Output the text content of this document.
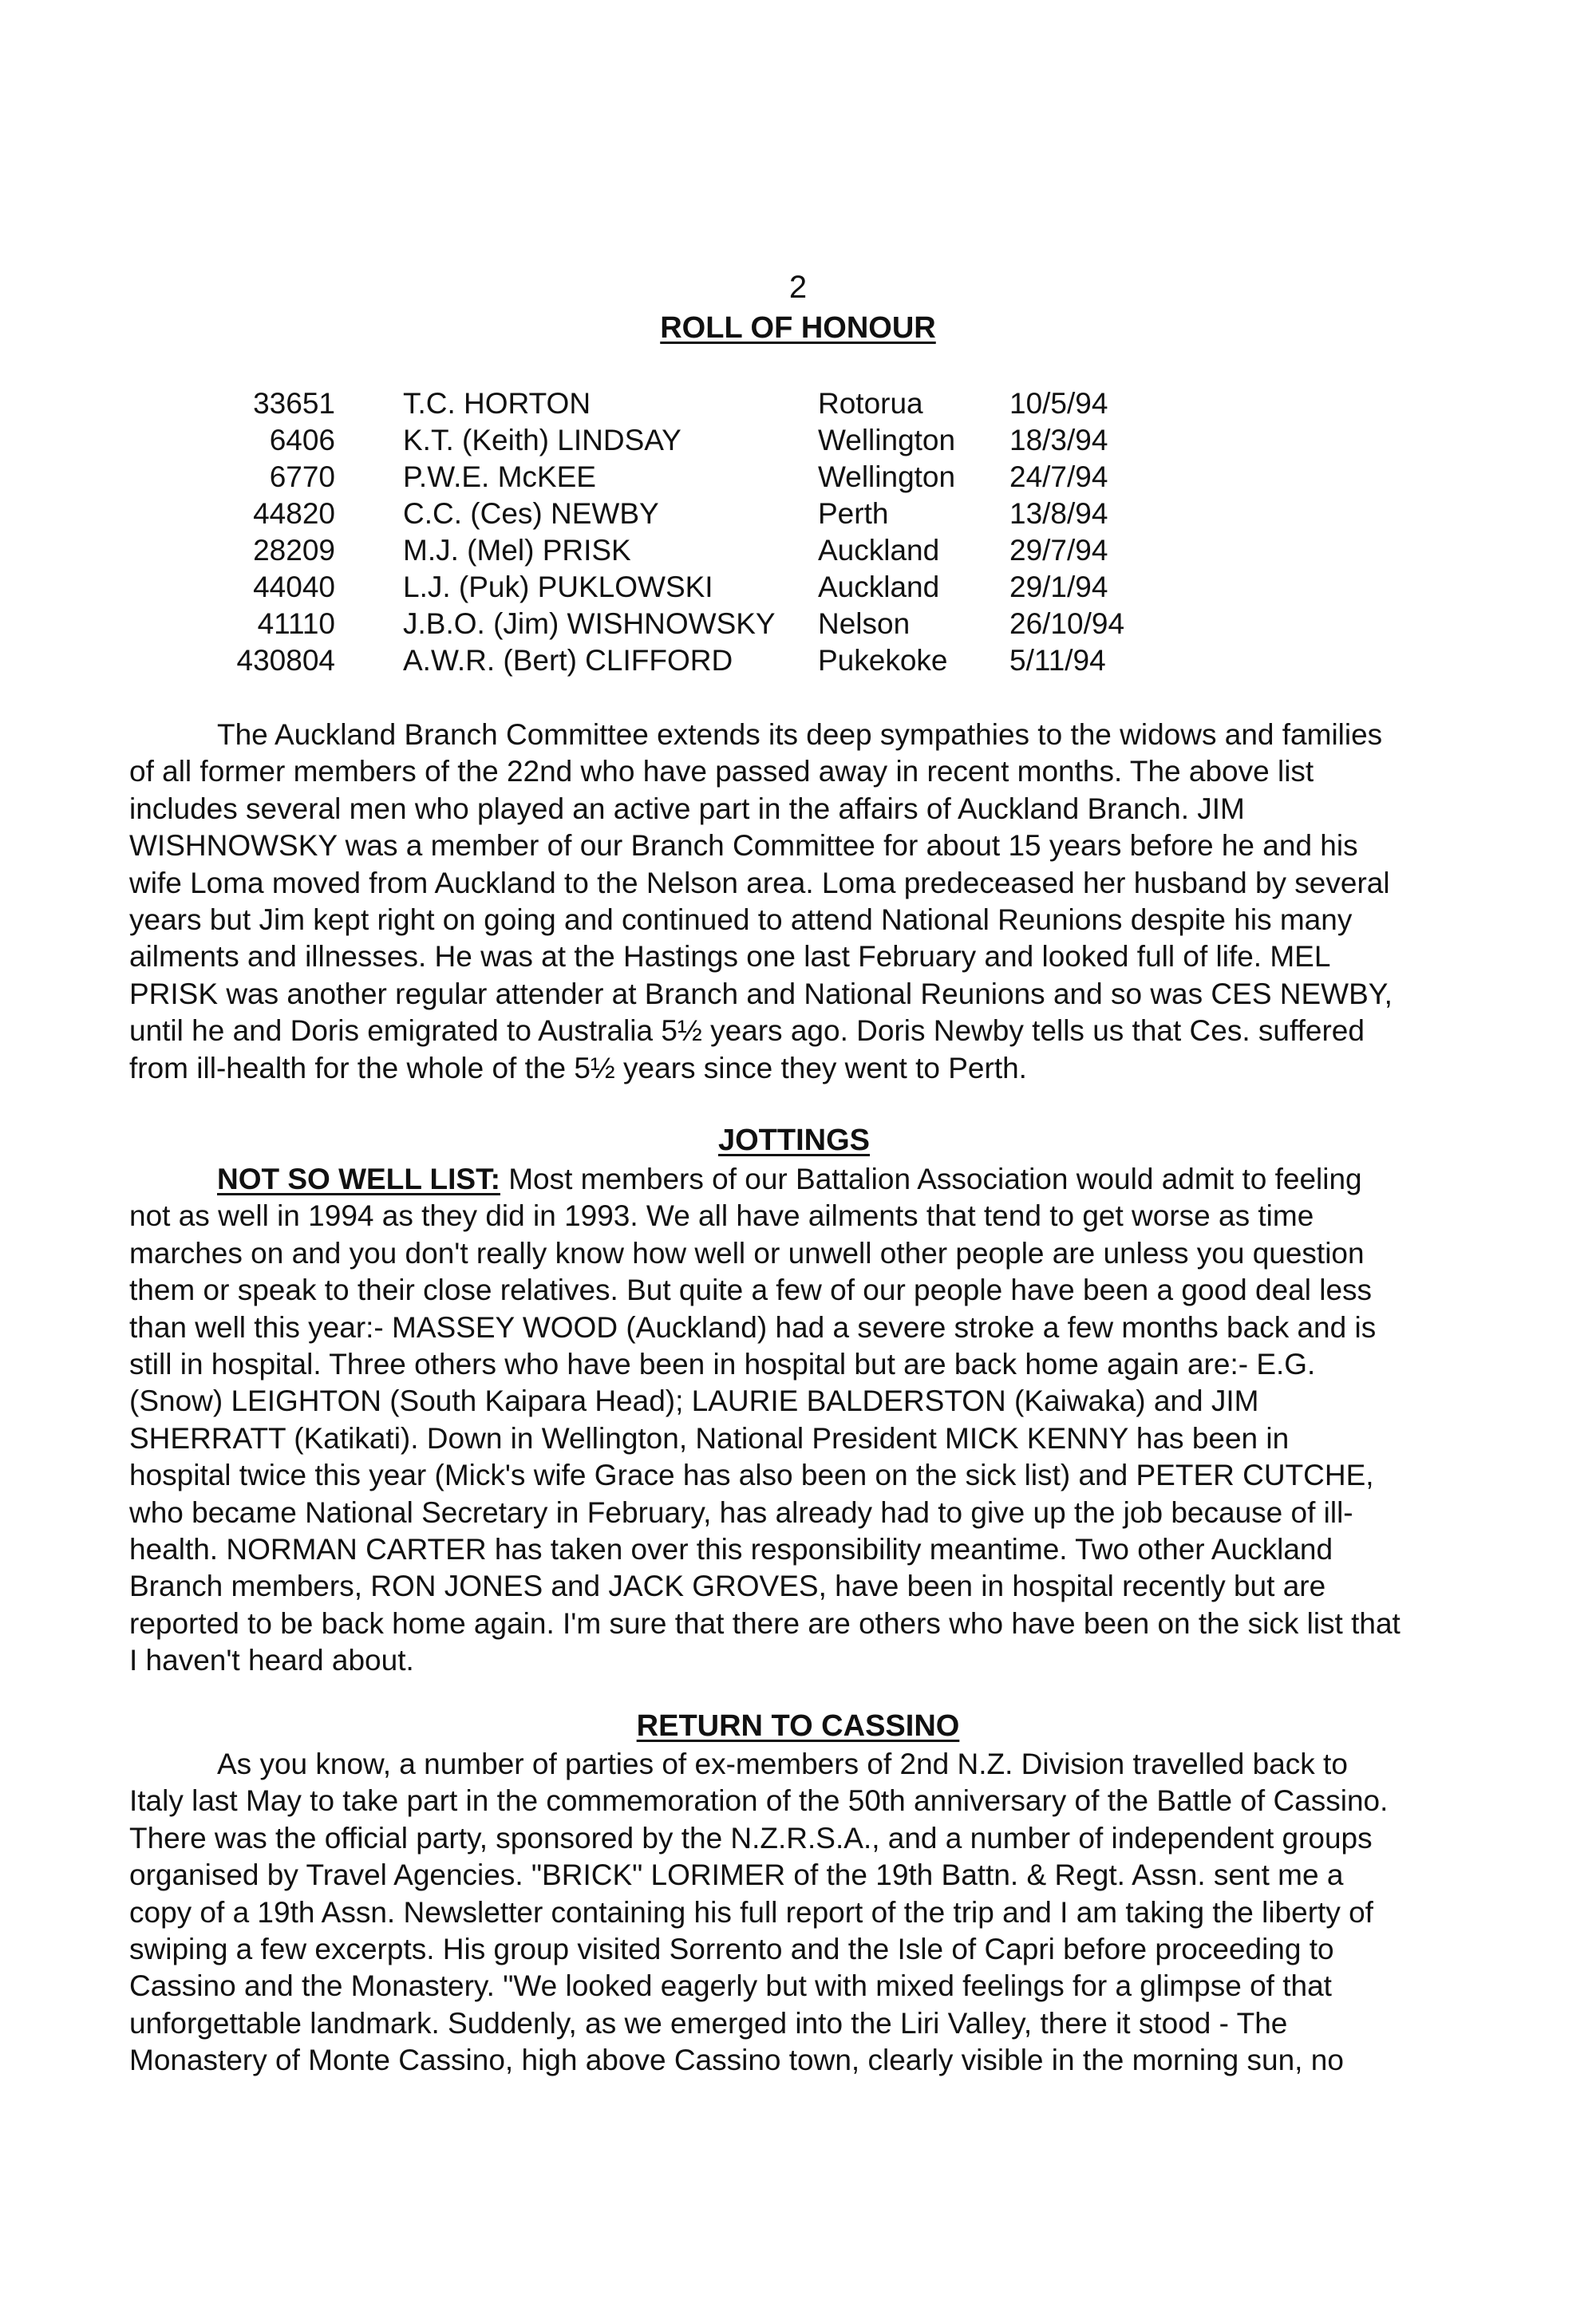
2
ROLL OF HONOUR
33651	T.C. HORTON	Rotorua	10/5/94
6406	K.T. (Keith) LINDSAY	Wellington	18/3/94
6770	P.W.E. McKEE	Wellington	24/7/94
44820	C.C. (Ces) NEWBY	Perth	13/8/94
28209	M.J. (Mel) PRISK	Auckland	29/7/94
44040	L.J. (Puk) PUKLOWSKI	Auckland	29/1/94
41110	J.B.O. (Jim) WISHNOWSKY	Nelson	26/10/94
430804	A.W.R. (Bert) CLIFFORD	Pukekoke	5/11/94
The Auckland Branch Committee extends its deep sympathies to the widows and families
of all former members of the 22nd who have passed away in recent months. The above list
includes several men who played an active part in the affairs of Auckland Branch. JIM
WISHNOWSKY was a member of our Branch Committee for about 15 years before he and his
wife Loma moved from Auckland to the Nelson area. Loma predeceased her husband by several
years but Jim kept right on going and continued to attend National Reunions despite his many
ailments and illnesses. He was at the Hastings one last February and looked full of life. MEL
PRISK was another regular attender at Branch and National Reunions and so was CES NEWBY,
until he and Doris emigrated to Australia 5½ years ago. Doris Newby tells us that Ces. suffered
from ill-health for the whole of the 5½ years since they went to Perth.
JOTTINGS
NOT SO WELL LIST: Most members of our Battalion Association would admit to feeling
not as well in 1994 as they did in 1993. We all have ailments that tend to get worse as time
marches on and you don't really know how well or unwell other people are unless you question
them or speak to their close relatives. But quite a few of our people have been a good deal less
than well this year:- MASSEY WOOD (Auckland) had a severe stroke a few months back and is
still in hospital. Three others who have been in hospital but are back home again are:- E.G.
(Snow) LEIGHTON (South Kaipara Head); LAURIE BALDERSTON (Kaiwaka) and JIM
SHERRATT (Katikati). Down in Wellington, National President MICK KENNY has been in
hospital twice this year (Mick's wife Grace has also been on the sick list) and PETER CUTCHE,
who became National Secretary in February, has already had to give up the job because of ill-
health. NORMAN CARTER has taken over this responsibility meantime. Two other Auckland
Branch members, RON JONES and JACK GROVES, have been in hospital recently but are
reported to be back home again. I'm sure that there are others who have been on the sick list that
I haven't heard about.
RETURN TO CASSINO
As you know, a number of parties of ex-members of 2nd N.Z. Division travelled back to
Italy last May to take part in the commemoration of the 50th anniversary of the Battle of Cassino.
There was the official party, sponsored by the N.Z.R.S.A., and a number of independent groups
organised by Travel Agencies. "BRICK" LORIMER of the 19th Battn. & Regt. Assn. sent me a
copy of a 19th Assn. Newsletter containing his full report of the trip and I am taking the liberty of
swiping a few excerpts. His group visited Sorrento and the Isle of Capri before proceeding to
Cassino and the Monastery. "We looked eagerly but with mixed feelings for a glimpse of that
unforgettable landmark. Suddenly, as we emerged into the Liri Valley, there it stood - The
Monastery of Monte Cassino, high above Cassino town, clearly visible in the morning sun, no
